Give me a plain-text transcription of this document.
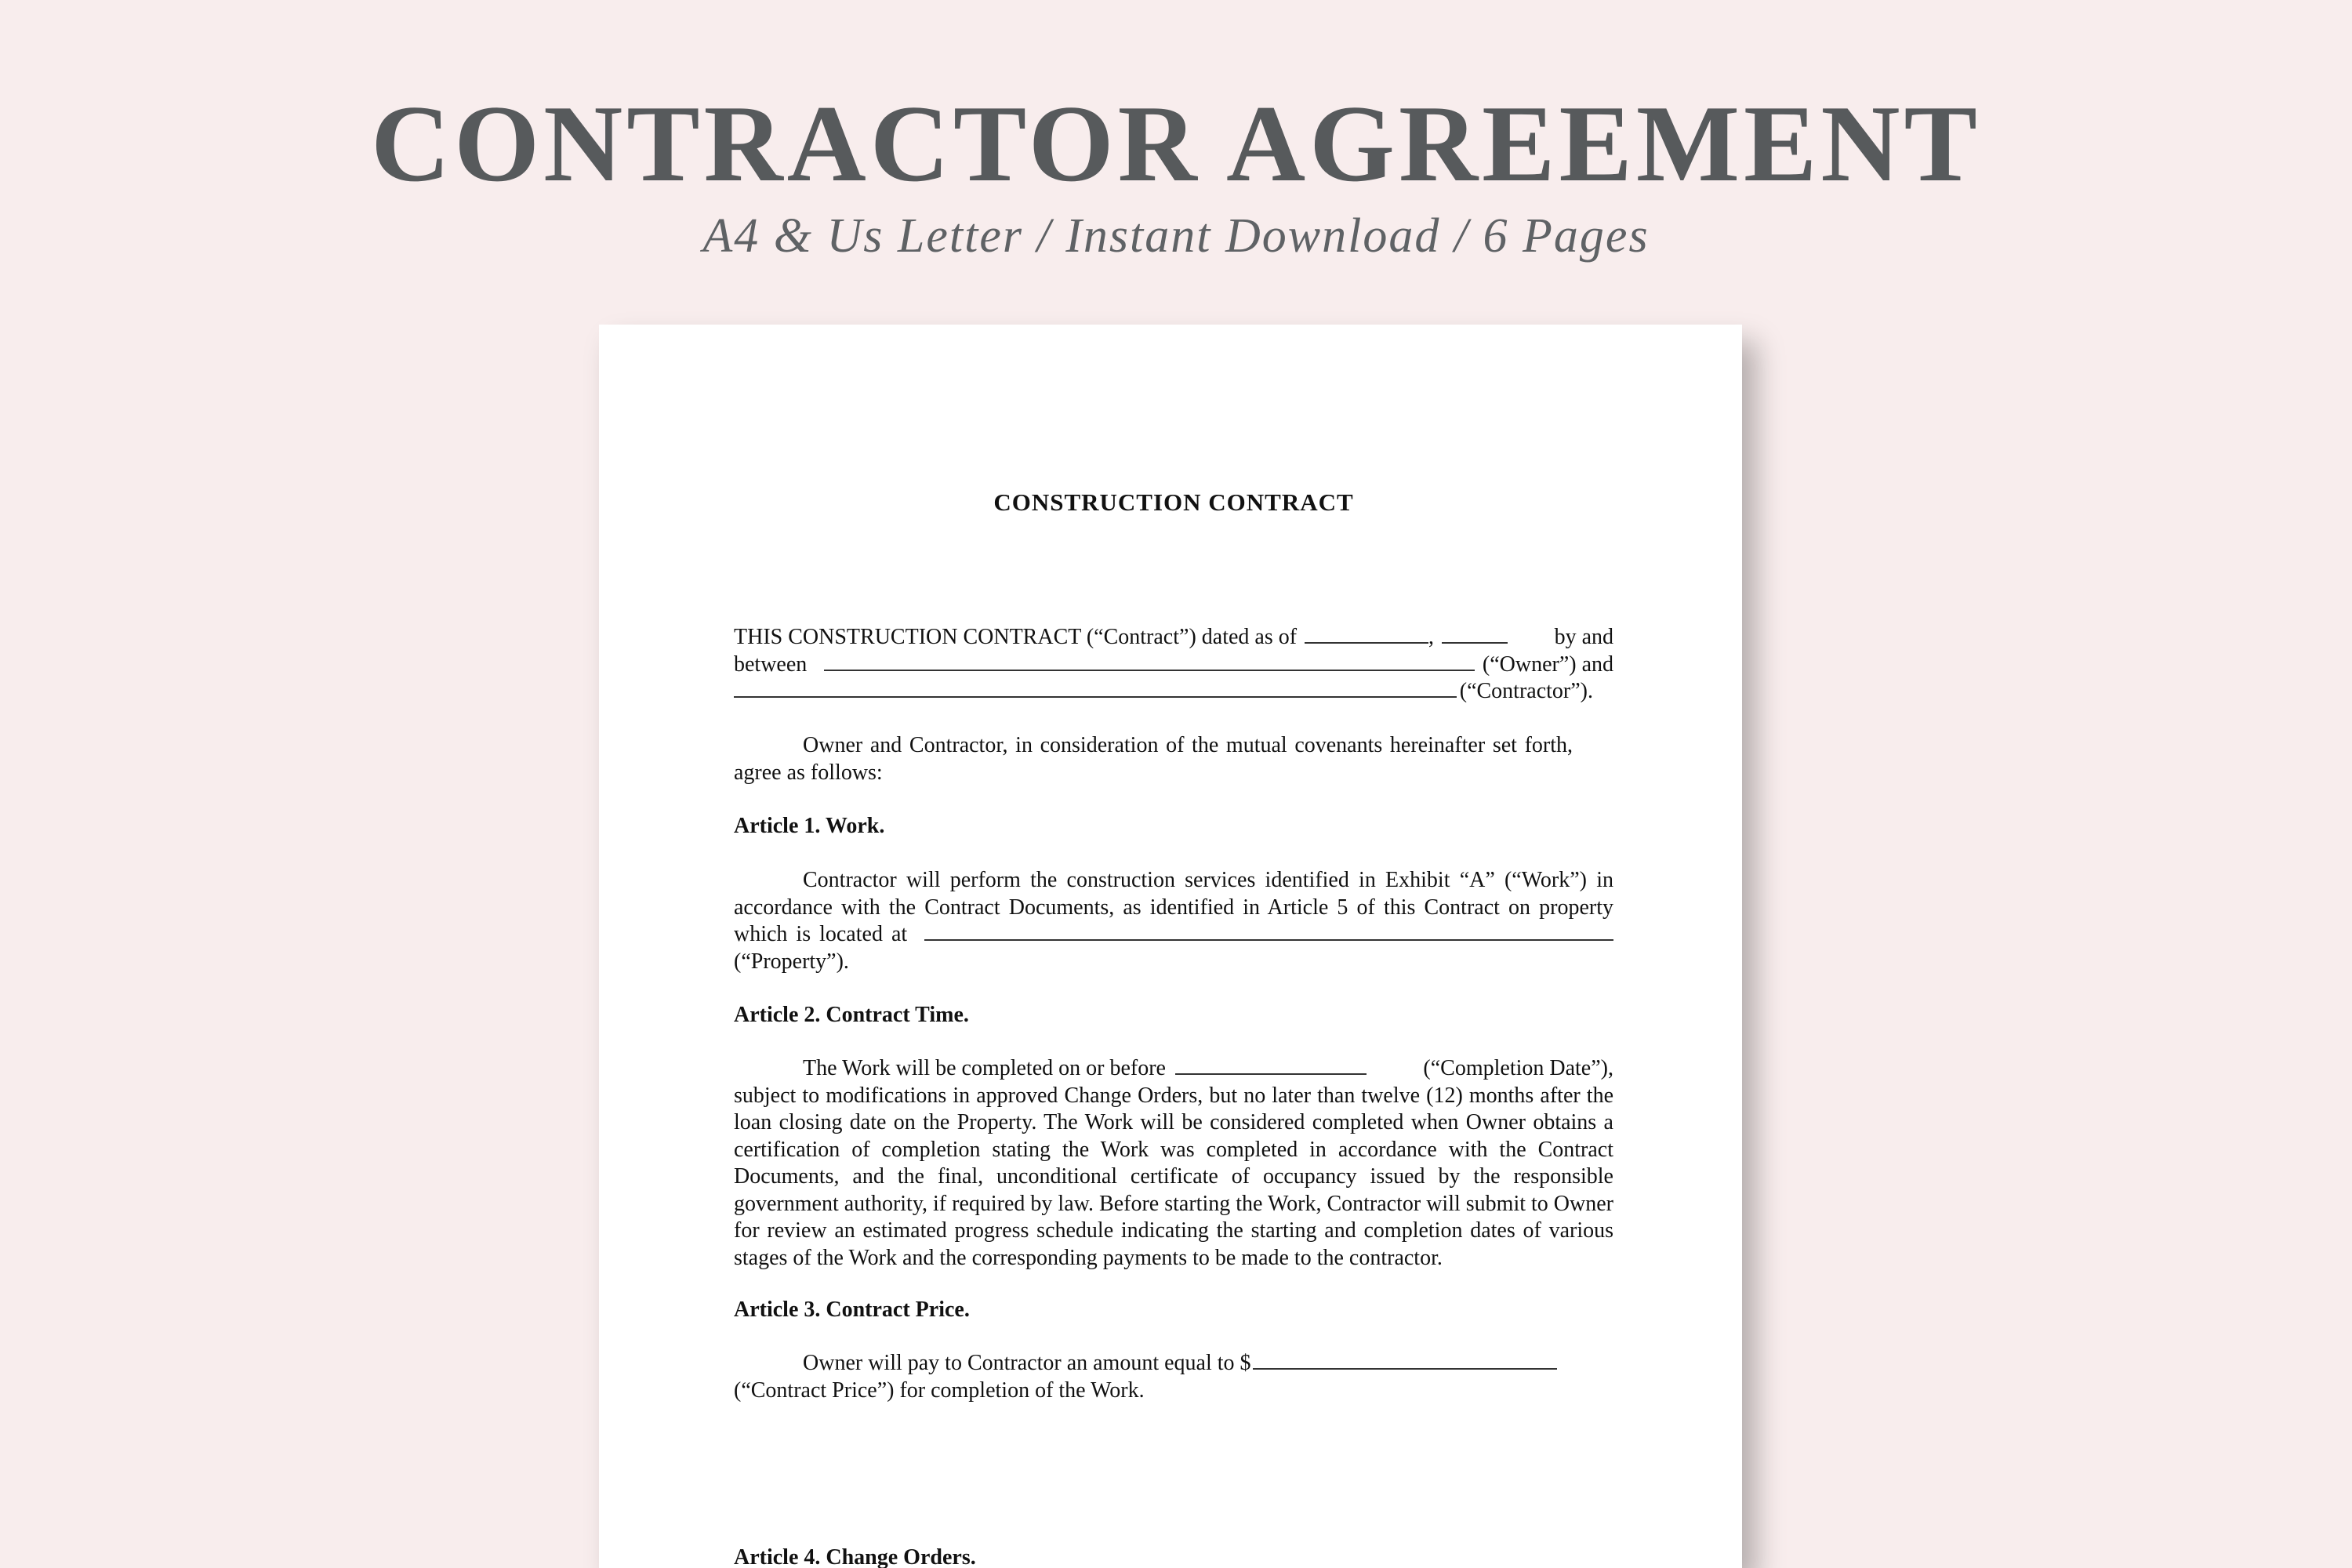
CONTRACTOR AGREEMENT

A4 & Us Letter / Instant Download / 6 Pages

CONSTRUCTION CONTRACT

THIS CONSTRUCTION CONTRACT (“Contract”) dated as of	,	by and
between	(“Owner”) and
(“Contractor”).

Owner and Contractor, in consideration of the mutual covenants hereinafter set forth, agree as follows:

Article 1. Work.

Contractor will perform the construction services identified in Exhibit “A” (“Work”) in accordance with the Contract Documents, as identified in Article 5 of this Contract on property

which is located at
(“Property”).

Article 2. Contract Time.

The Work will be completed on or before	(“Completion Date”),

subject to modifications in approved Change Orders, but no later than twelve (12) months after the loan closing date on the Property. The Work will be considered completed when Owner obtains a certification of completion stating the Work was completed in accordance with the Contract Documents, and the final, unconditional certificate of occupancy issued by the responsible government authority, if required by law. Before starting the Work, Contractor will submit to Owner for review an estimated progress schedule indicating the starting and completion dates of various stages of the Work and the corresponding payments to be made to the contractor.

Article 3. Contract Price.

Owner will pay to Contractor an amount equal to $
(“Contract Price”) for completion of the Work.

Article 4. Change Orders.
